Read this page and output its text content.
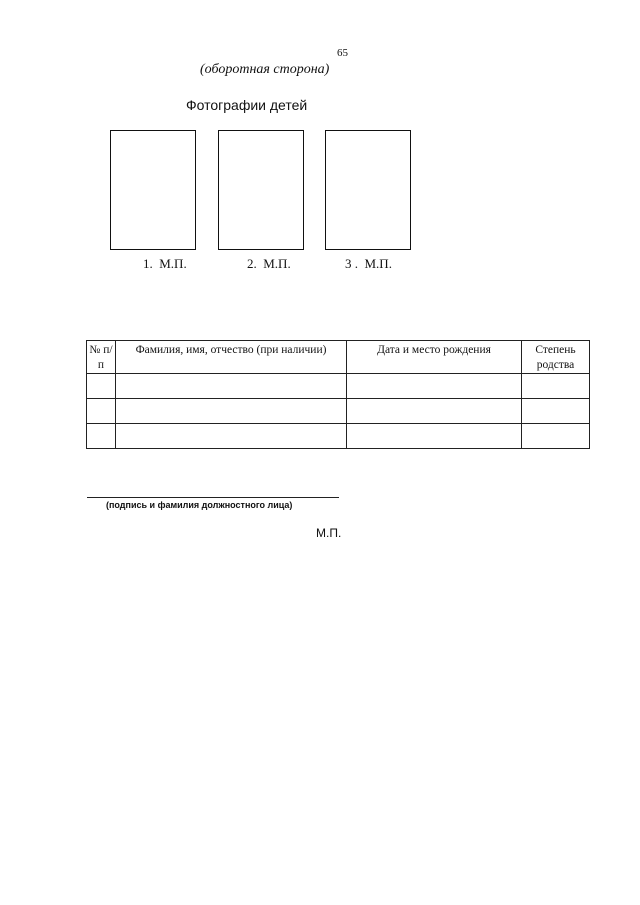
65
(оборотная сторона)
Фотографии детей
1.  М.П.	2.  М.П.	3 .  М.П.
№ п/п	Фамилия, имя, отчество (при наличии)	Дата и место рождения	Степень родства

(подпись и фамилия должностного лица)
М.П.
